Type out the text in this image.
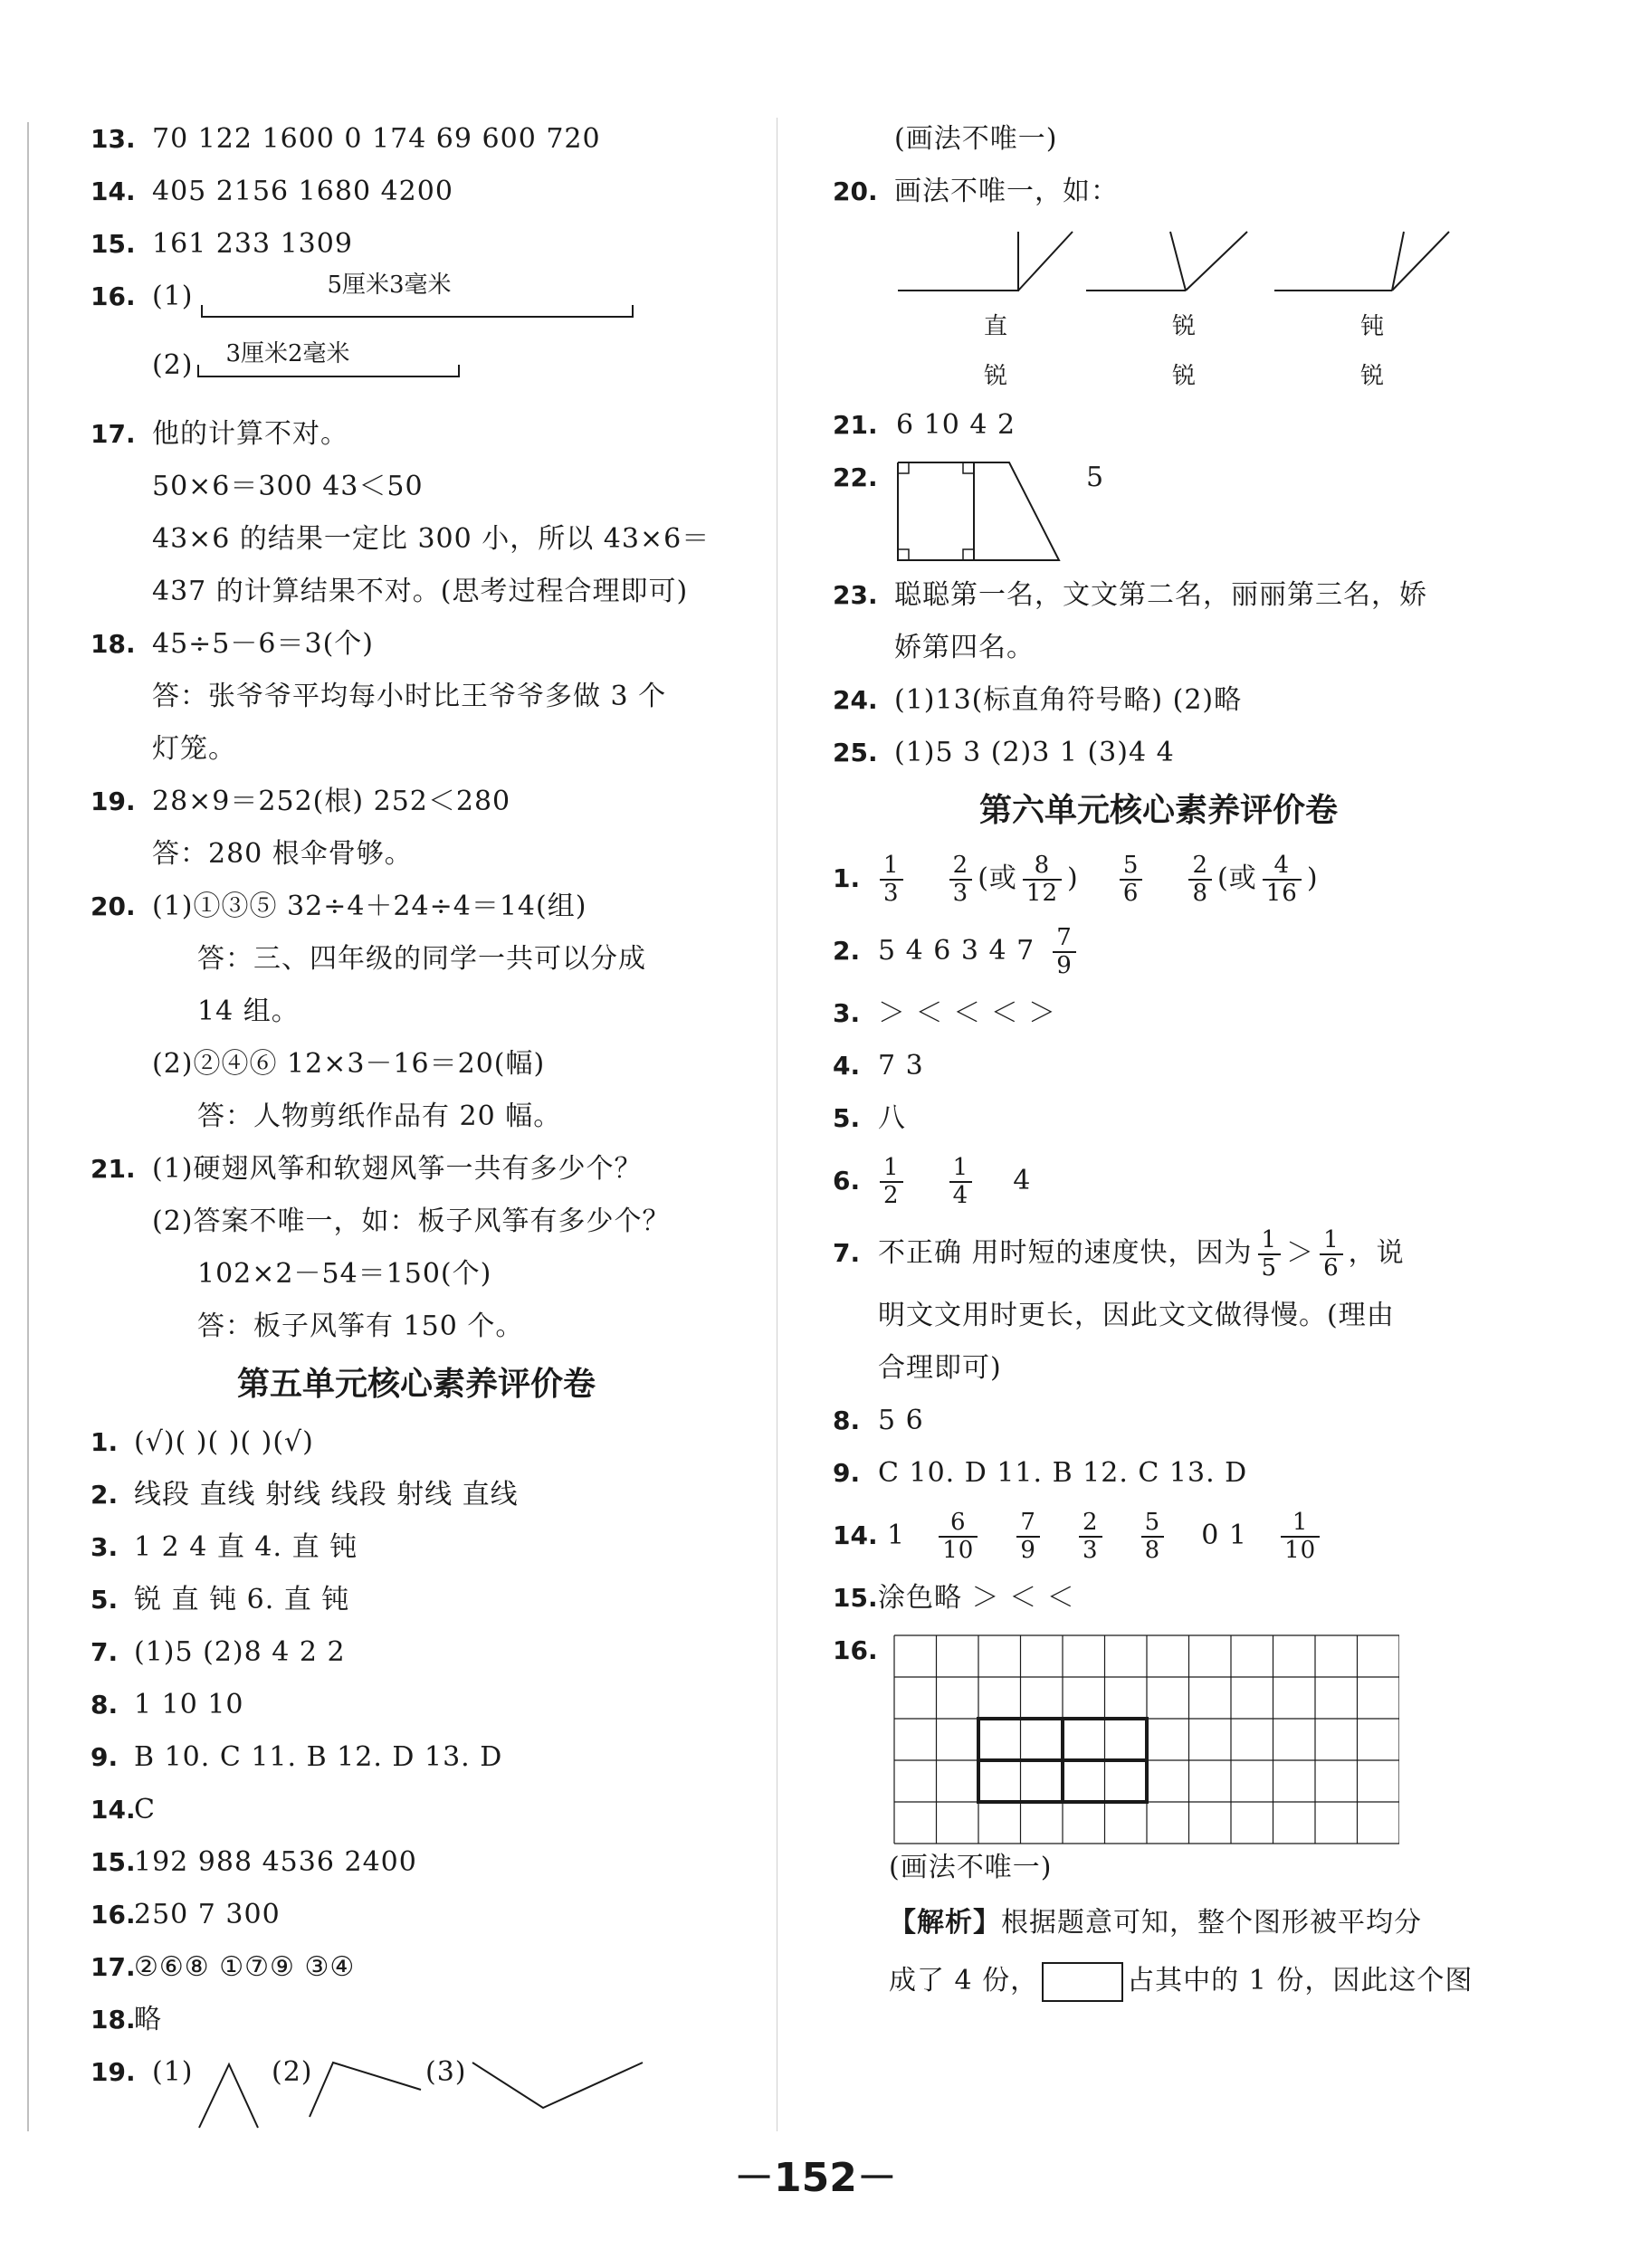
13. 70 122 1600 0 174 69 600 720
14. 405 2156 1680 4200
15. 161 233 1309
16. (1)	5厘米3毫米
(2)	3厘米2毫米
17. 他的计算不对。
50×6＝300 43＜50
43×6 的结果一定比 300 小，所以 43×6＝
437 的计算结果不对。(思考过程合理即可)
18. 45÷5－6＝3(个)
答：张爷爷平均每小时比王爷爷多做 3 个
灯笼。
19. 28×9＝252(根) 252＜280
答：280 根伞骨够。
20. (1)①③⑤ 32÷4＋24÷4＝14(组)
答：三、四年级的同学一共可以分成
14 组。
(2)②④⑥ 12×3－16＝20(幅)
答：人物剪纸作品有 20 幅。
21. (1)硬翅风筝和软翅风筝一共有多少个？
(2)答案不唯一，如：板子风筝有多少个？
102×2－54＝150(个)
答：板子风筝有 150 个。
第五单元核心素养评价卷
1. (√)( )( )( )(√)
2. 线段 直线 射线 线段 射线 直线
3. 1 2 4 直 4. 直 钝
5. 锐 直 钝 6. 直 钝
7. (1)5 (2)8 4 2 2
8. 1 10 10
9. B 10. C 11. B 12. D 13. D
14.
C
15.
192 988 4536 2400
16.
250 7 300
17.
②⑥⑧ ①⑦⑨ ③④
18.
略
19. (1)	(2)	(3)
(画法不唯一)
20. 画法不唯一，如：
直
锐
锐
锐
钝
锐
21. 6 10 4 2
22.	5
23. 聪聪第一名，文文第二名，丽丽第三名，娇
娇第四名。
24. (1)13(标直角符号略) (2)略
25. (1)5 3 (2)3 1 (3)4 4
第六单元核心素养评价卷
1. $\frac{1}{3}$
$\frac{2}{3}$ (或 $\frac{8}{12}$ ) $\frac{5}{6}$
$\frac{2}{8}$ (或 $\frac{4}{16}$ )
2. 5 4 6 3 4 $7 \frac{7}{9}$
3. ＞ ＜ ＜ ＜ ＞
4. 7 3
5. 八
6. $\frac{1}{2}$
$\frac{1}{4} 4$
7. 不正确 用时短的速度快，因为 $\frac{1}{5} > \frac{1}{6}$ ，说
明文文用时更长，因此文文做得慢。(理由
合理即可)
8. 5 6
9. C 10. D 11. B 12. C 13. D
14. $1 \frac{6}{10}$
$\frac{7}{9}$
$\frac{2}{3}$
$\frac{5}{8} 0$ $1 \frac{1}{10}$
15. 涂色略 ＞ ＜ ＜
16.
(画法不唯一)
【解析】根据题意可知，整个图形被平均分
成了 4 份，	占其中的 1 份，因此这个图
－152－
